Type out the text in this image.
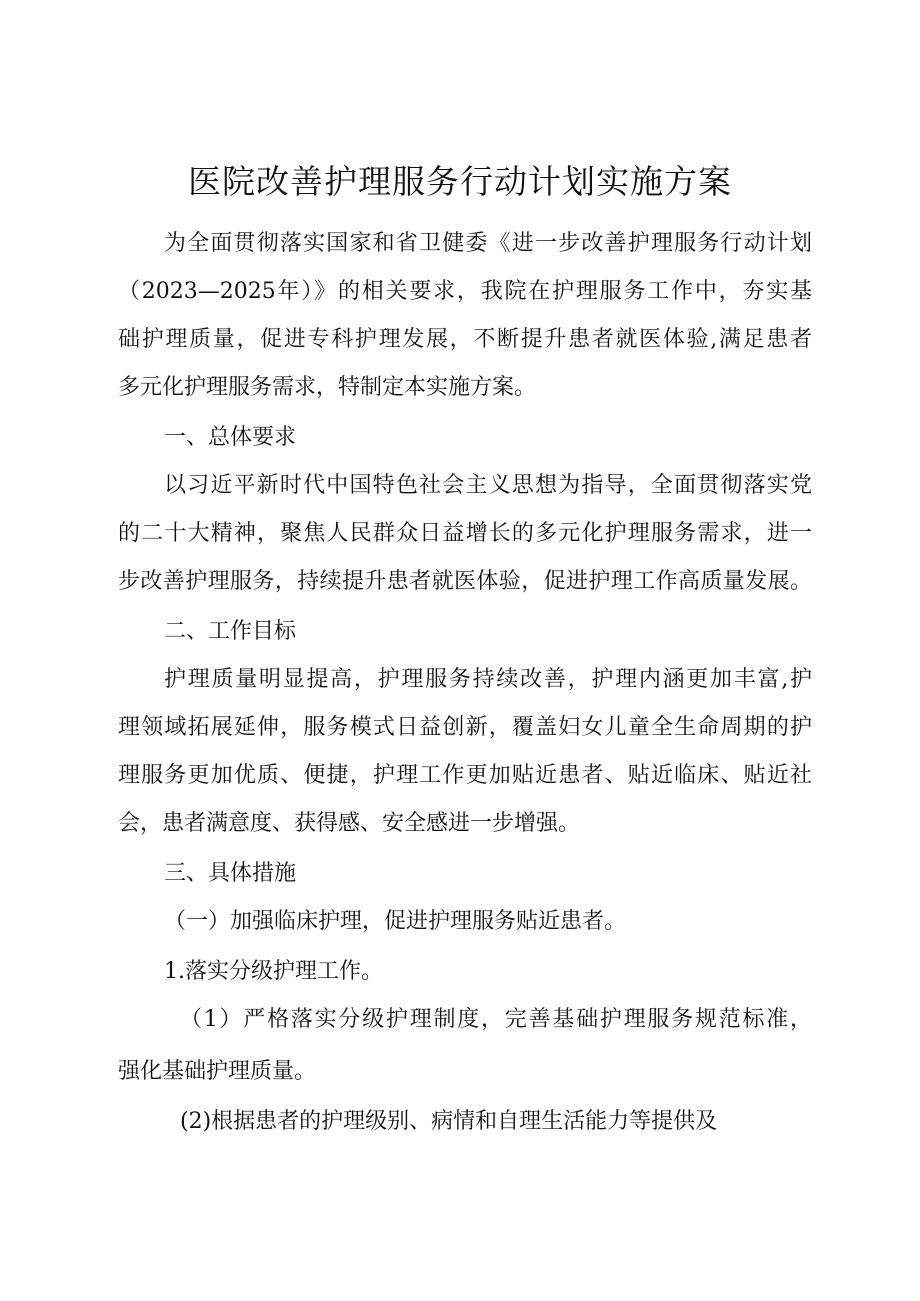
医院改善护理服务行动计划实施方案
为全面贯彻落实国家和省卫健委《进一步改善护理服务行动计划
（2023—2025年）》的相关要求，我院在护理服务工作中，夯实基
础护理质量，促进专科护理发展，不断提升患者就医体验,满足患者
多元化护理服务需求，特制定本实施方案。
一、总体要求
以习近平新时代中国特色社会主义思想为指导，全面贯彻落实党
的二十大精神，聚焦人民群众日益增长的多元化护理服务需求，进一
步改善护理服务，持续提升患者就医体验，促进护理工作高质量发展。
二、工作目标
护理质量明显提高，护理服务持续改善，护理内涵更加丰富,护
理领域拓展延伸，服务模式日益创新，覆盖妇女儿童全生命周期的护
理服务更加优质、便捷，护理工作更加贴近患者、贴近临床、贴近社
会，患者满意度、获得感、安全感进一步增强。
三、具体措施
（一）加强临床护理，促进护理服务贴近患者。
1.落实分级护理工作。
（1）严格落实分级护理制度，完善基础护理服务规范标准，
强化基础护理质量。
(2)根据患者的护理级别、病情和自理生活能力等提供及
